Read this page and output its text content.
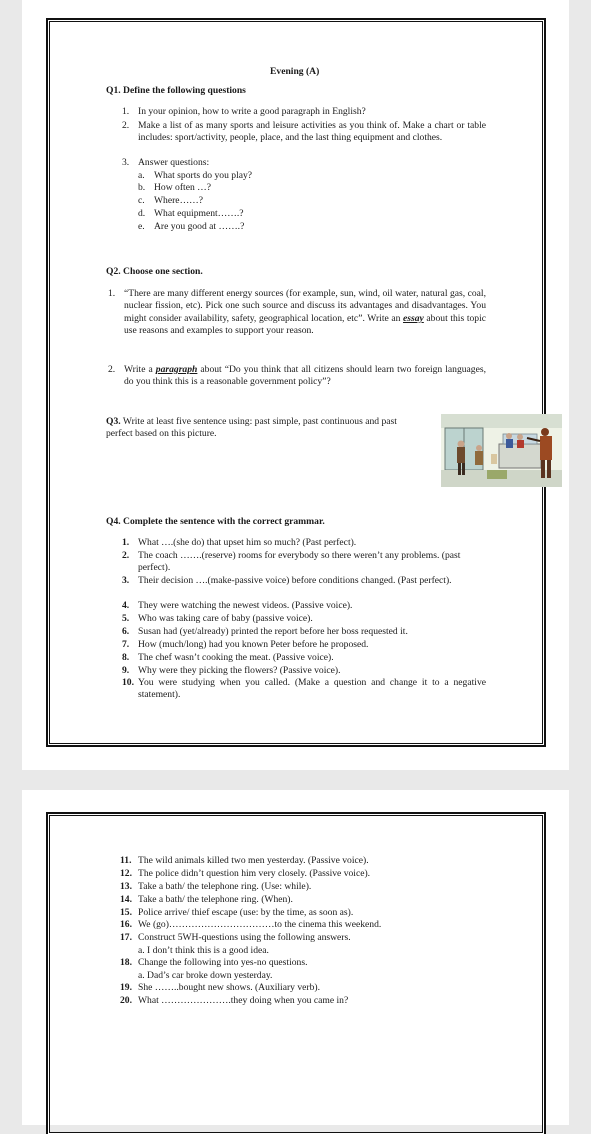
Evening (A)
Q1. Define the following questions
1. In your opinion, how to write a good paragraph in English?
2. Make a list of as many sports and leisure activities as you think of. Make a chart or table includes: sport/activity, people, place, and the last thing equipment and clothes.
3. Answer questions:
a. What sports do you play?
b. How often …?
c. Where……?
d. What equipment…….?
e. Are you good at …….?
Q2. Choose one section.
1. “There are many different energy sources (for example, sun, wind, oil water, natural gas, coal, nuclear fission, etc). Pick one such source and discuss its advantages and disadvantages. You might consider availability, safety, geographical location, etc”. Write an essay about this topic use reasons and examples to support your reason.
2. Write a paragraph about “Do you think that all citizens should learn two foreign languages, do you think this is a reasonable government policy”?
Q3. Write at least five sentence using: past simple, past continuous and past perfect based on this picture.
Q4. Complete the sentence with the correct grammar.
1. What ….(she do) that upset him so much? (Past perfect).
2. The coach …….(reserve) rooms for everybody so there weren’t any problems. (past perfect).
3. Their decision ….(make-passive voice) before conditions changed. (Past perfect).
4. They were watching the newest videos. (Passive voice).
5. Who was taking care of baby (passive voice).
6. Susan had (yet/already) printed the report before her boss requested it.
7. How (much/long) had you known Peter before he proposed.
8. The chef wasn’t cooking the meat. (Passive voice).
9. Why were they picking the flowers? (Passive voice).
10. You were studying when you called. (Make a question and change it to a negative statement).
11. The wild animals killed two men yesterday. (Passive voice).
12. The police didn’t question him very closely. (Passive voice).
13. Take a bath/ the telephone ring. (Use: while).
14. Take a bath/ the telephone ring. (When).
15. Police arrive/ thief escape (use: by the time, as soon as).
16. We (go)……………………………to the cinema this weekend.
17. Construct 5WH-questions using the following answers.
a. I don’t think this is a good idea.
18. Change the following into yes-no questions.
a. Dad’s car broke down yesterday.
19. She ……..bought new shows. (Auxiliary verb).
20. What ………………….they doing when you came in?
